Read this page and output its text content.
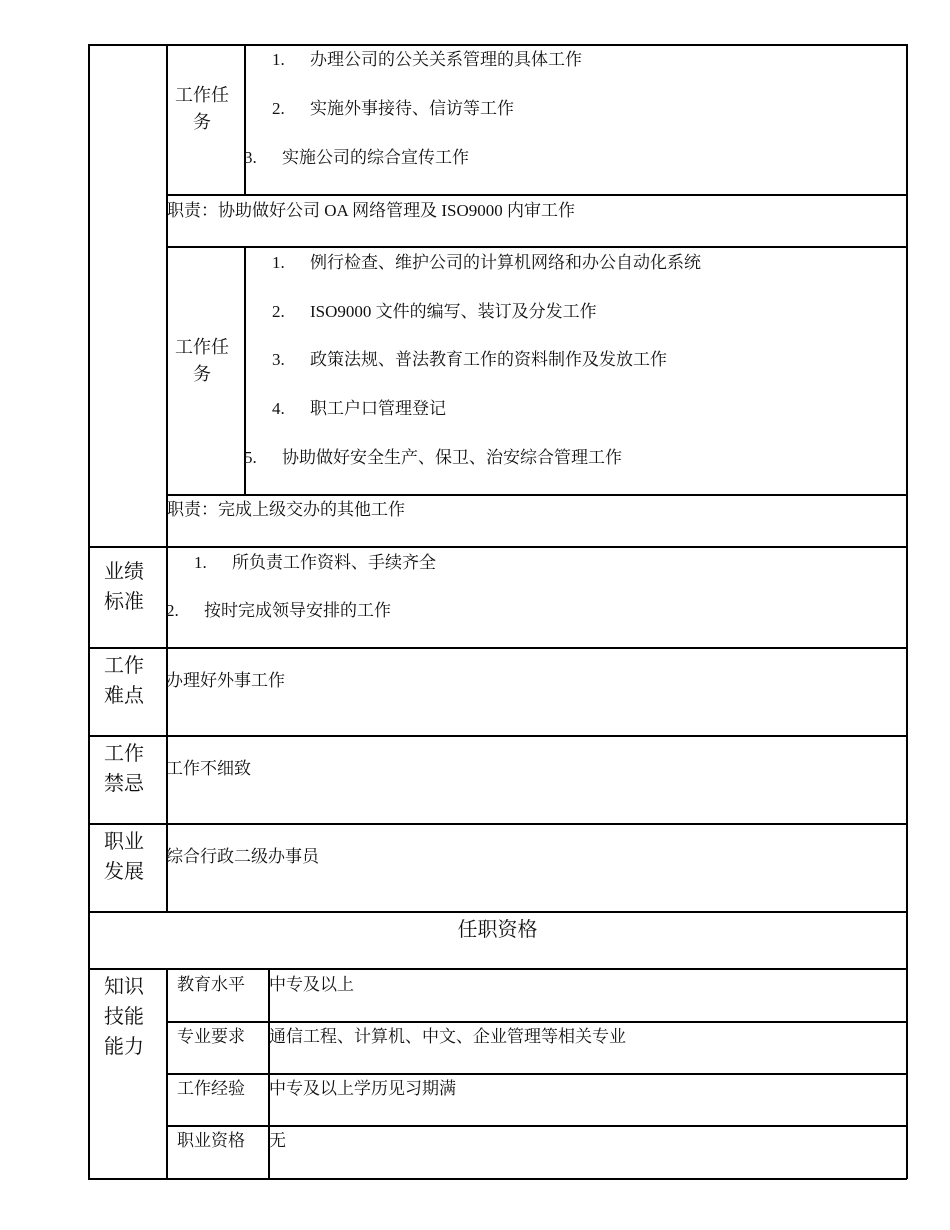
工作任务
1. 办理公司的公关关系管理的具体工作
2. 实施外事接待、信访等工作
3. 实施公司的综合宣传工作
职责：协助做好公司 OA 网络管理及 ISO9000 内审工作
工作任务
1. 例行检查、维护公司的计算机网络和办公自动化系统
2. ISO9000 文件的编写、装订及分发工作
3. 政策法规、普法教育工作的资料制作及发放工作
4. 职工户口管理登记
5. 协助做好安全生产、保卫、治安综合管理工作
职责：完成上级交办的其他工作
业绩标准
1. 所负责工作资料、手续齐全
2. 按时完成领导安排的工作
工作难点
办理好外事工作
工作禁忌
工作不细致
职业发展
综合行政二级办事员
任职资格
知识技能能力
教育水平 中专及以上
专业要求 通信工程、计算机、中文、企业管理等相关专业
工作经验 中专及以上学历见习期满
职业资格 无
